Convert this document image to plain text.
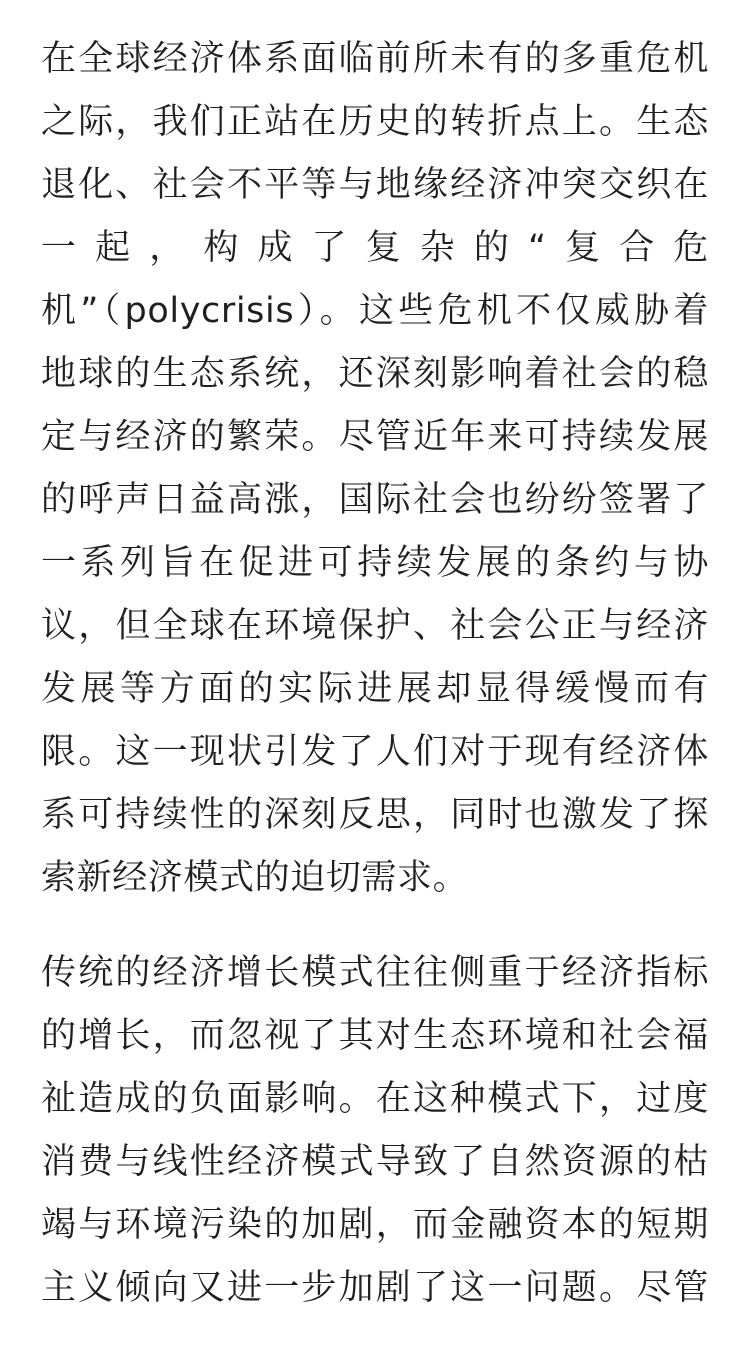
在全球经济体系面临前所未有的多重危机
之际，我们正站在历史的转折点上。生态
退化、社会不平等与地缘经济冲突交织在
一起，构成了复杂的“复合危
机”（polycrisis）。这些危机不仅威胁着
地球的生态系统，还深刻影响着社会的稳
定与经济的繁荣。尽管近年来可持续发展
的呼声日益高涨，国际社会也纷纷签署了
一系列旨在促进可持续发展的条约与协
议，但全球在环境保护、社会公正与经济
发展等方面的实际进展却显得缓慢而有
限。这一现状引发了人们对于现有经济体
系可持续性的深刻反思，同时也激发了探
索新经济模式的迫切需求。
传统的经济增长模式往往侧重于经济指标
的增长，而忽视了其对生态环境和社会福
祉造成的负面影响。在这种模式下，过度
消费与线性经济模式导致了自然资源的枯
竭与环境污染的加剧，而金融资本的短期
主义倾向又进一步加剧了这一问题。尽管
